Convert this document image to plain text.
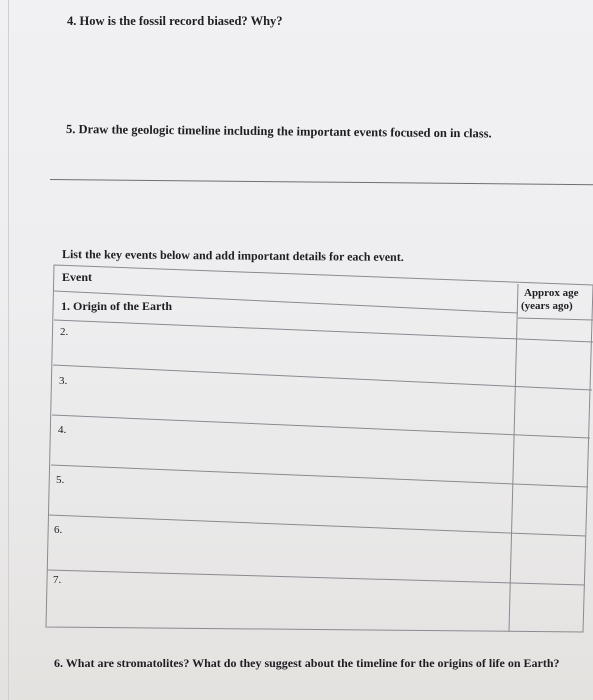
4. How is the fossil record biased? Why?
5. Draw the geologic timeline including the important events focused on in class.
List the key events below and add important details for each event.
Event
Approx age
(years ago)
1. Origin of the Earth
2.
3.
4.
5.
6.
7.
6. What are stromatolites? What do they suggest about the timeline for the origins of life on Earth?
